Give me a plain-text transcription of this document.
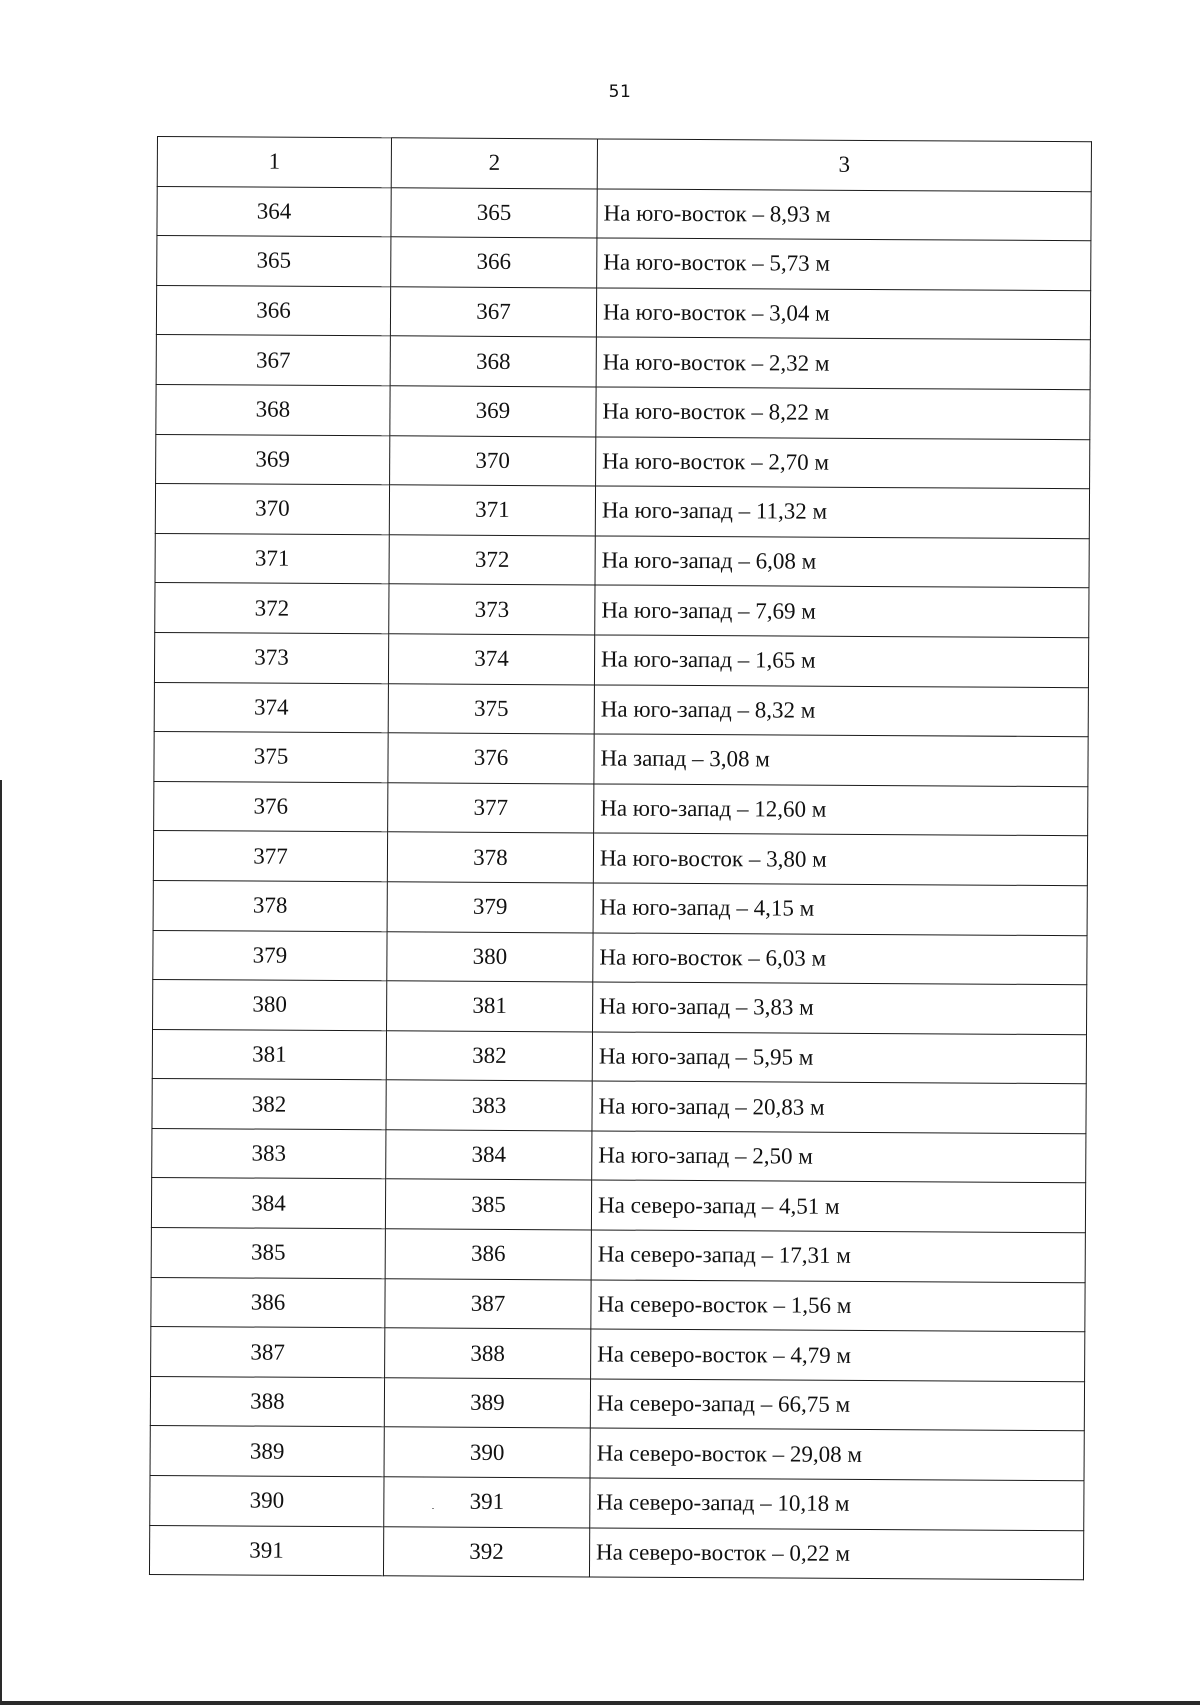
51
1	2	3
364	365	На юго-восток – 8,93 м
365	366	На юго-восток – 5,73 м
366	367	На юго-восток – 3,04 м
367	368	На юго-восток – 2,32 м
368	369	На юго-восток – 8,22 м
369	370	На юго-восток – 2,70 м
370	371	На юго-запад – 11,32 м
371	372	На юго-запад – 6,08 м
372	373	На юго-запад – 7,69 м
373	374	На юго-запад – 1,65 м
374	375	На юго-запад – 8,32 м
375	376	На запад – 3,08 м
376	377	На юго-запад – 12,60 м
377	378	На юго-восток – 3,80 м
378	379	На юго-запад – 4,15 м
379	380	На юго-восток – 6,03 м
380	381	На юго-запад – 3,83 м
381	382	На юго-запад – 5,95 м
382	383	На юго-запад – 20,83 м
383	384	На юго-запад – 2,50 м
384	385	На северо-запад – 4,51 м
385	386	На северо-запад – 17,31 м
386	387	На северо-восток – 1,56 м
387	388	На северо-восток – 4,79 м
388	389	На северо-запад – 66,75 м
389	390	На северо-восток – 29,08 м
390	391	На северо-запад – 10,18 м
391	392	На северо-восток – 0,22 м
